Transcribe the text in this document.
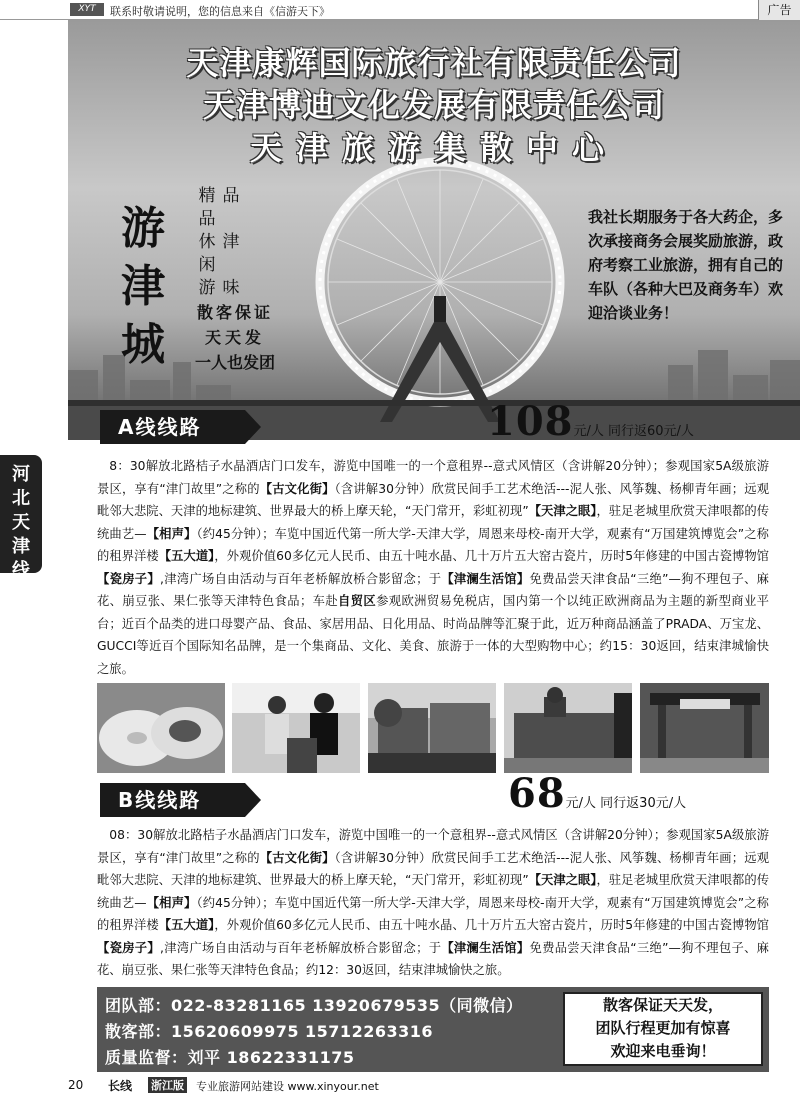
XYT	联系时敬请说明，您的信息来自《信游天下》	广告
河
北
天
津
线
天津康辉国际旅行社有限责任公司
天津博迪文化发展有限责任公司
天津旅游集散中心
游
津
城
精
品
休
闲
游
品

津

味
散客保证
天天发
一人也发团
我社长期服务于各大药企，多次承接商务会展奖励旅游，政府考察工业旅游，拥有自己的车队（各种大巴及商务车）欢迎洽谈业务！
A线线路	108元/人 同行返60元/人
 8：30解放北路桔子水晶酒店门口发车，游览中国唯一的一个意租界--意式风情区（含讲解20分钟）；参观国家5A级旅游景区，享有“津门故里”之称的【古文化街】（含讲解30分钟）欣赏民间手工艺术绝活---泥人张、风筝魏、杨柳青年画；远观毗邻大悲院、天津的地标建筑、世界最大的桥上摩天轮，“天门常开，彩虹初现”【天津之眼】，驻足老城里欣赏天津哏都的传统曲艺—【相声】（约45分钟）；车览中国近代第一所大学-天津大学，周恩来母校-南开大学，观素有“万国建筑博览会”之称的租界洋楼【五大道】，外观价值60多亿元人民币、由五十吨水晶、几十万片五大窑古瓷片，历时5年修建的中国古瓷博物馆【瓷房子】,津湾广场自由活动与百年老桥解放桥合影留念；于【津澜生活馆】免费品尝天津食品“三绝”—狗不理包子、麻花、崩豆张、果仁张等天津特色食品；车赴自贸区参观欧洲贸易免税店，国内第一个以纯正欧洲商品为主题的新型商业平台；近百个品类的进口母婴产品、食品、家居用品、日化用品、时尚品牌等汇聚于此，近万种商品涵盖了PRADA、万宝龙、GUCCI等近百个国际知名品牌，是一个集商品、文化、美食、旅游于一体的大型购物中心；约15：30返回，结束津城愉快之旅。
B线线路	68元/人 同行返30元/人
 08：30解放北路桔子水晶酒店门口发车，游览中国唯一的一个意租界--意式风情区（含讲解20分钟）；参观国家5A级旅游景区，享有“津门故里”之称的【古文化街】（含讲解30分钟）欣赏民间手工艺术绝活---泥人张、风筝魏、杨柳青年画；远观毗邻大悲院、天津的地标建筑、世界最大的桥上摩天轮，“天门常开，彩虹初现”【天津之眼】，驻足老城里欣赏天津哏都的传统曲艺—【相声】（约45分钟）；车览中国近代第一所大学-天津大学，周恩来母校-南开大学，观素有“万国建筑博览会”之称的租界洋楼【五大道】，外观价值60多亿元人民币、由五十吨水晶、几十万片五大窑古瓷片，历时5年修建的中国古瓷博物馆【瓷房子】,津湾广场自由活动与百年老桥解放桥合影留念；于【津澜生活馆】免费品尝天津食品“三绝”—狗不理包子、麻花、崩豆张、果仁张等天津特色食品；约12：30返回，结束津城愉快之旅。
团队部：022-83281165 13920679535（同微信）
散客部：15620609975 15712263316
质量监督：刘平 18622331175
散客保证天天发，
团队行程更加有惊喜
欢迎来电垂询！
20 长线 浙江版 专业旅游网站建设 www.xinyour.net
